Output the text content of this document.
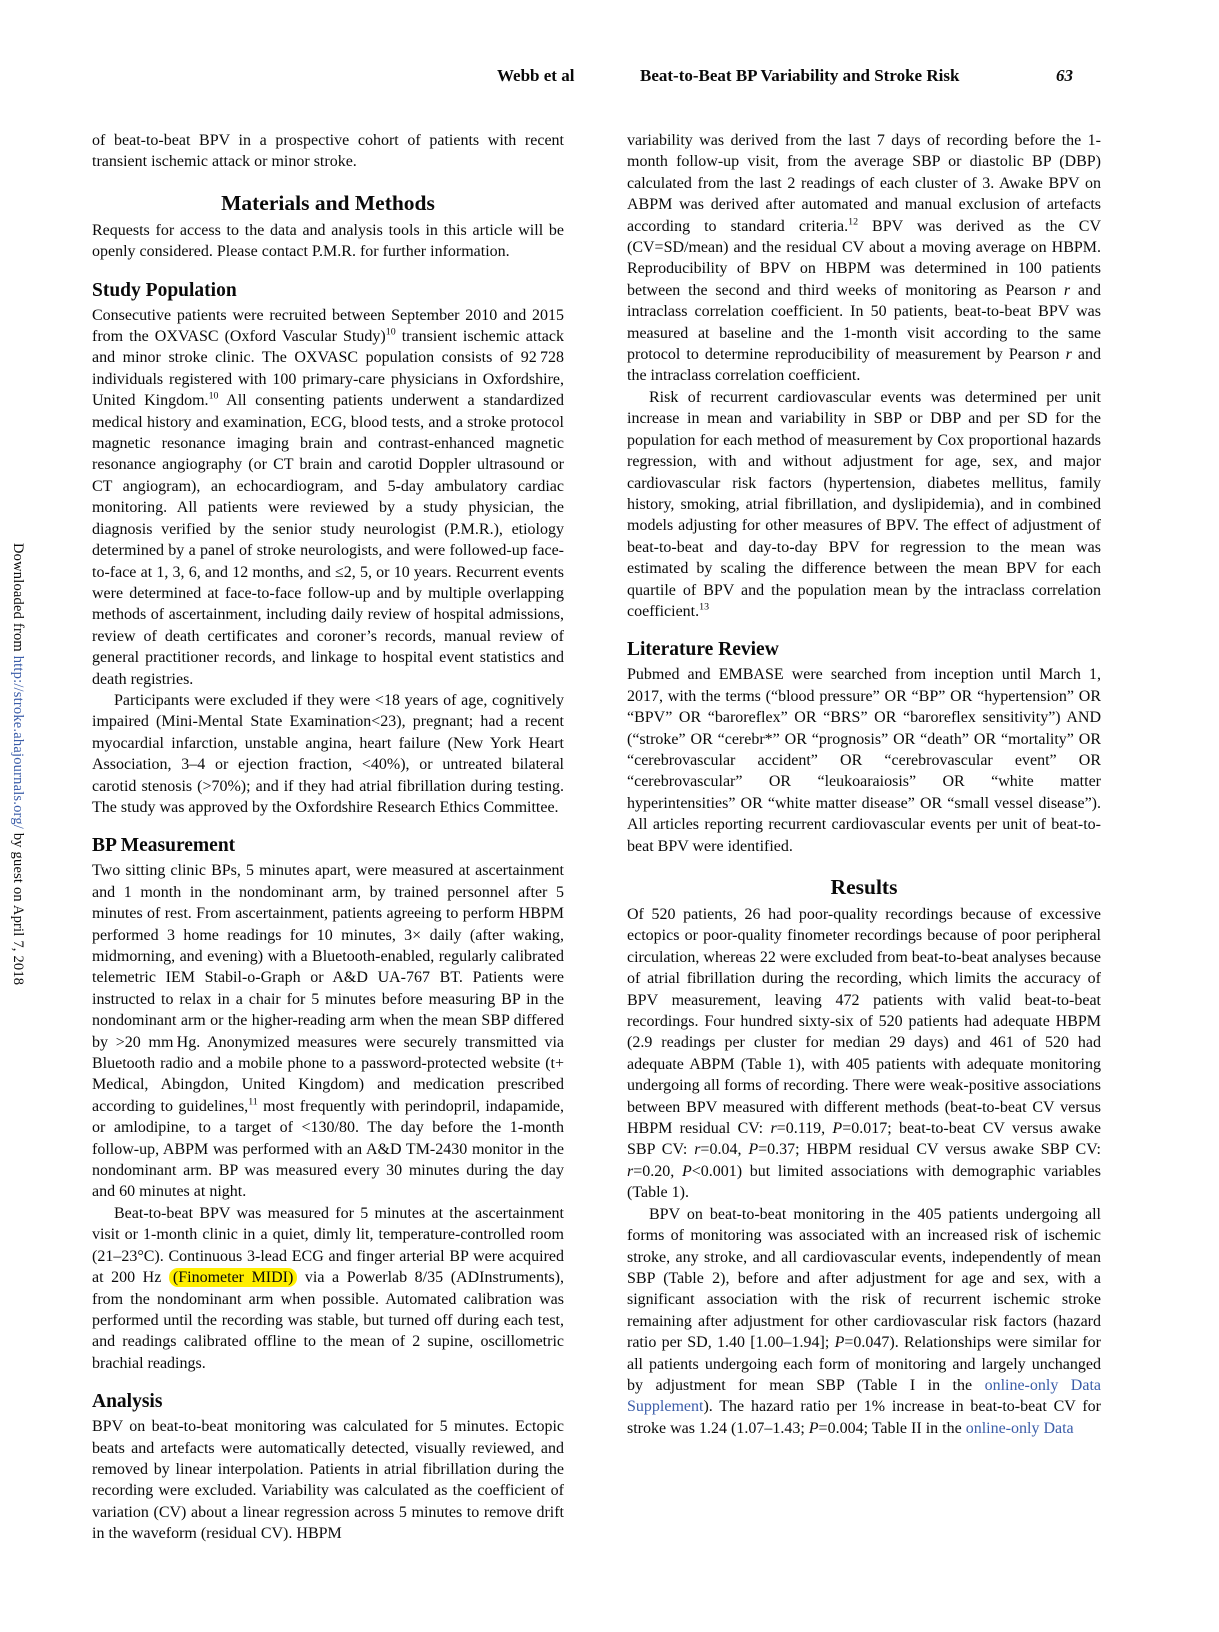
Webb et al	Beat-to-Beat BP Variability and Stroke Risk	63
Downloaded from http://stroke.ahajournals.org/ by guest on April 7, 2018

of beat-to-beat BPV in a prospective cohort of patients with recent transient ischemic attack or minor stroke.

Materials and Methods

Requests for access to the data and analysis tools in this article will be openly considered. Please contact P.M.R. for further information.

Study Population

Consecutive patients were recruited between September 2010 and 2015 from the OXVASC (Oxford Vascular Study)$^{10}$ transient ischemic attack and minor stroke clinic. The OXVASC population consists of 92 728 individuals registered with 100 primary-care physicians in Oxfordshire, United Kingdom.$^{10}$ All consenting patients underwent a standardized medical history and examination, ECG, blood tests, and a stroke protocol magnetic resonance imaging brain and contrast-enhanced magnetic resonance angiography (or CT brain and carotid Doppler ultrasound or CT angiogram), an echocardiogram, and 5-day ambulatory cardiac monitoring. All patients were reviewed by a study physician, the diagnosis verified by the senior study neurologist (P.M.R.), etiology determined by a panel of stroke neurologists, and were followed-up face-to-face at 1, 3, 6, and 12 months, and ≤2, 5, or 10 years. Recurrent events were determined at face-to-face follow-up and by multiple overlapping methods of ascertainment, including daily review of hospital admissions, review of death certificates and coroner’s records, manual review of general practitioner records, and linkage to hospital event statistics and death registries.

Participants were excluded if they were <18 years of age, cognitively impaired (Mini-Mental State Examination<23), pregnant; had a recent myocardial infarction, unstable angina, heart failure (New York Heart Association, 3–4 or ejection fraction, <40%), or untreated bilateral carotid stenosis (>70%); and if they had atrial fibrillation during testing. The study was approved by the Oxfordshire Research Ethics Committee.

BP Measurement

Two sitting clinic BPs, 5 minutes apart, were measured at ascertainment and 1 month in the nondominant arm, by trained personnel after 5 minutes of rest. From ascertainment, patients agreeing to perform HBPM performed 3 home readings for 10 minutes, 3× daily (after waking, midmorning, and evening) with a Bluetooth-enabled, regularly calibrated telemetric IEM Stabil-o-Graph or A&D UA-767 BT. Patients were instructed to relax in a chair for 5 minutes before measuring BP in the nondominant arm or the higher-reading arm when the mean SBP differed by >20 mm Hg. Anonymized measures were securely transmitted via Bluetooth radio and a mobile phone to a password-protected website (t+ Medical, Abingdon, United Kingdom) and medication prescribed according to guidelines,$^{11}$ most frequently with perindopril, indapamide, or amlodipine, to a target of <130/80. The day before the 1-month follow-up, ABPM was performed with an A&D TM-2430 monitor in the nondominant arm. BP was measured every 30 minutes during the day and 60 minutes at night.

Beat-to-beat BPV was measured for 5 minutes at the ascertainment visit or 1-month clinic in a quiet, dimly lit, temperature-controlled room (21–23°C). Continuous 3-lead ECG and finger arterial BP were acquired at 200 Hz (Finometer MIDI) via a Powerlab 8/35 (ADInstruments), from the nondominant arm when possible. Automated calibration was performed until the recording was stable, but turned off during each test, and readings calibrated offline to the mean of 2 supine, oscillometric brachial readings.

Analysis

BPV on beat-to-beat monitoring was calculated for 5 minutes. Ectopic beats and artefacts were automatically detected, visually reviewed, and removed by linear interpolation. Patients in atrial fibrillation during the recording were excluded. Variability was calculated as the coefficient of variation (CV) about a linear regression across 5 minutes to remove drift in the waveform (residual CV). HBPM

variability was derived from the last 7 days of recording before the 1-month follow-up visit, from the average SBP or diastolic BP (DBP) calculated from the last 2 readings of each cluster of 3. Awake BPV on ABPM was derived after automated and manual exclusion of artefacts according to standard criteria.$^{12}$ BPV was derived as the CV (CV=SD/mean) and the residual CV about a moving average on HBPM. Reproducibility of BPV on HBPM was determined in 100 patients between the second and third weeks of monitoring as Pearson r and intraclass correlation coefficient. In 50 patients, beat-to-beat BPV was measured at baseline and the 1-month visit according to the same protocol to determine reproducibility of measurement by Pearson r and the intraclass correlation coefficient.

Risk of recurrent cardiovascular events was determined per unit increase in mean and variability in SBP or DBP and per SD for the population for each method of measurement by Cox proportional hazards regression, with and without adjustment for age, sex, and major cardiovascular risk factors (hypertension, diabetes mellitus, family history, smoking, atrial fibrillation, and dyslipidemia), and in combined models adjusting for other measures of BPV. The effect of adjustment of beat-to-beat and day-to-day BPV for regression to the mean was estimated by scaling the difference between the mean BPV for each quartile of BPV and the population mean by the intraclass correlation coefficient.$^{13}$

Literature Review

Pubmed and EMBASE were searched from inception until March 1, 2017, with the terms (“blood pressure” OR “BP” OR “hypertension” OR “BPV” OR “baroreflex” OR “BRS” OR “baroreflex sensitivity”) AND (“stroke” OR “cerebr*” OR “prognosis” OR “death” OR “mortality” OR “cerebrovascular accident” OR “cerebrovascular event” OR “cerebrovascular” OR “leukoaraiosis” OR “white matter hyperintensities” OR “white matter disease” OR “small vessel disease”). All articles reporting recurrent cardiovascular events per unit of beat-to-beat BPV were identified.

Results

Of 520 patients, 26 had poor-quality recordings because of excessive ectopics or poor-quality finometer recordings because of poor peripheral circulation, whereas 22 were excluded from beat-to-beat analyses because of atrial fibrillation during the recording, which limits the accuracy of BPV measurement, leaving 472 patients with valid beat-to-beat recordings. Four hundred sixty-six of 520 patients had adequate HBPM (2.9 readings per cluster for median 29 days) and 461 of 520 had adequate ABPM (Table 1), with 405 patients with adequate monitoring undergoing all forms of recording. There were weak-positive associations between BPV measured with different methods (beat-to-beat CV versus HBPM residual CV: r=0.119, P=0.017; beat-to-beat CV versus awake SBP CV: r=0.04, P=0.37; HBPM residual CV versus awake SBP CV: r=0.20, P<0.001) but limited associations with demographic variables (Table 1).

BPV on beat-to-beat monitoring in the 405 patients undergoing all forms of monitoring was associated with an increased risk of ischemic stroke, any stroke, and all cardiovascular events, independently of mean SBP (Table 2), before and after adjustment for age and sex, with a significant association with the risk of recurrent ischemic stroke remaining after adjustment for other cardiovascular risk factors (hazard ratio per SD, 1.40 [1.00–1.94]; P=0.047). Relationships were similar for all patients undergoing each form of monitoring and largely unchanged by adjustment for mean SBP (Table I in the online-only Data Supplement). The hazard ratio per 1% increase in beat-to-beat CV for stroke was 1.24 (1.07–1.43; P=0.004; Table II in the online-only Data
